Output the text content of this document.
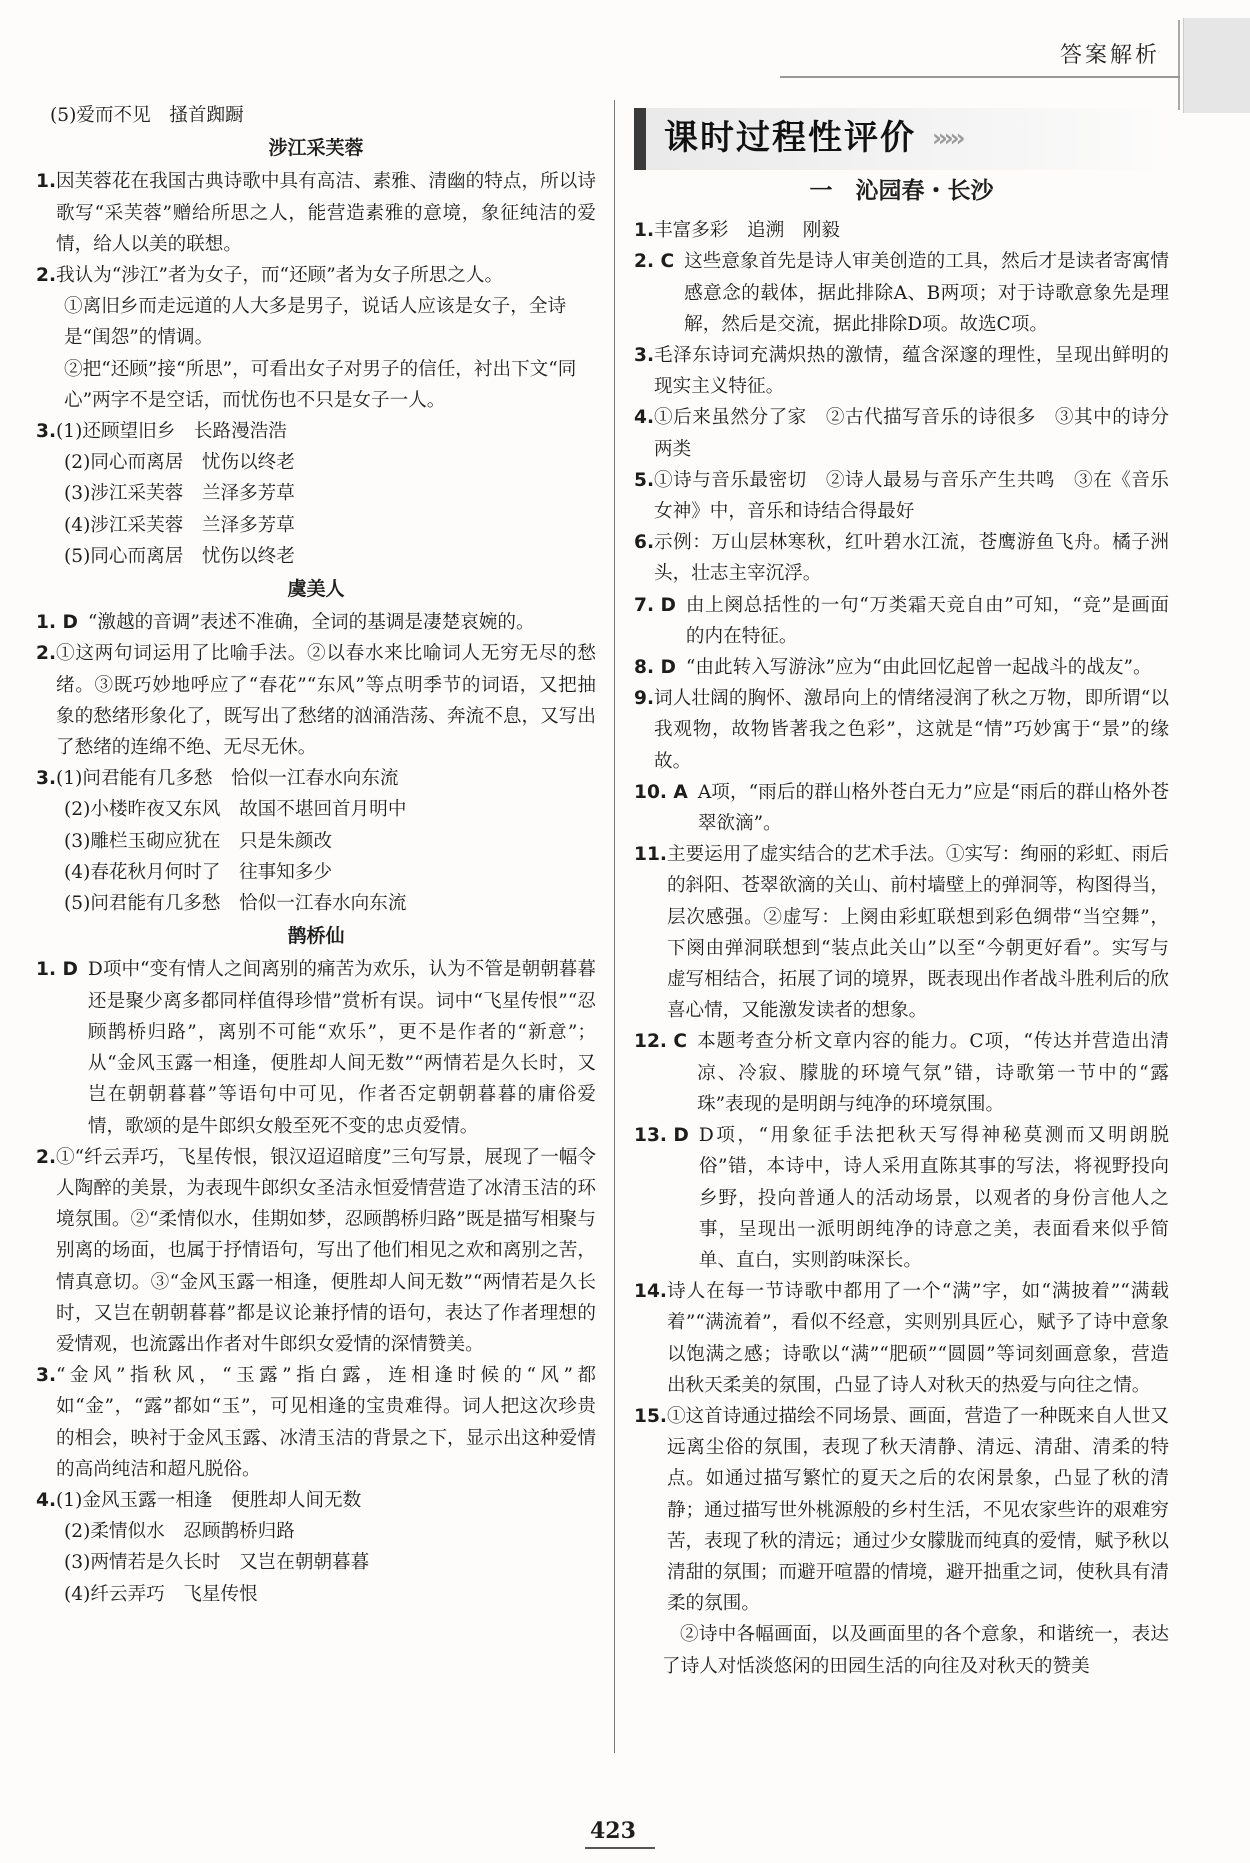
答案解析
(5)爱而不见　搔首踟蹰
涉江采芙蓉
1. 因芙蓉花在我国古典诗歌中具有高洁、素雅、清幽的特点，所以诗歌写“采芙蓉”赠给所思之人，能营造素雅的意境，象征纯洁的爱情，给人以美的联想。
2. 我认为“涉江”者为女子，而“还顾”者为女子所思之人。
①离旧乡而走远道的人大多是男子，说话人应该是女子，全诗是“闺怨”的情调。
②把“还顾”接“所思”，可看出女子对男子的信任，衬出下文“同心”两字不是空话，而忧伤也不只是女子一人。
3. (1)还顾望旧乡　长路漫浩浩
(2)同心而离居　忧伤以终老
(3)涉江采芙蓉　兰泽多芳草
(4)涉江采芙蓉　兰泽多芳草
(5)同心而离居　忧伤以终老
虞美人
1. D “激越的音调”表述不准确，全词的基调是凄楚哀婉的。
2. ①这两句词运用了比喻手法。②以春水来比喻词人无穷无尽的愁绪。③既巧妙地呼应了“春花”“东风”等点明季节的词语，又把抽象的愁绪形象化了，既写出了愁绪的汹涌浩荡、奔流不息，又写出了愁绪的连绵不绝、无尽无休。
3. (1)问君能有几多愁　恰似一江春水向东流
(2)小楼昨夜又东风　故国不堪回首月明中
(3)雕栏玉砌应犹在　只是朱颜改
(4)春花秋月何时了　往事知多少
(5)问君能有几多愁　恰似一江春水向东流
鹊桥仙
1. D D项中“变有情人之间离别的痛苦为欢乐，认为不管是朝朝暮暮还是聚少离多都同样值得珍惜”赏析有误。词中“飞星传恨”“忍顾鹊桥归路”，离别不可能“欢乐”，更不是作者的“新意”；从“金风玉露一相逢，便胜却人间无数”“两情若是久长时，又岂在朝朝暮暮”等语句中可见，作者否定朝朝暮暮的庸俗爱情，歌颂的是牛郎织女般至死不变的忠贞爱情。
2. ①“纤云弄巧，飞星传恨，银汉迢迢暗度”三句写景，展现了一幅令人陶醉的美景，为表现牛郎织女圣洁永恒爱情营造了冰清玉洁的环境氛围。②“柔情似水，佳期如梦，忍顾鹊桥归路”既是描写相聚与别离的场面，也属于抒情语句，写出了他们相见之欢和离别之苦，情真意切。③“金风玉露一相逢，便胜却人间无数”“两情若是久长时，又岂在朝朝暮暮”都是议论兼抒情的语句，表达了作者理想的爱情观，也流露出作者对牛郎织女爱情的深情赞美。
3. “金风”指秋风，“玉露”指白露，连相逢时候的“风”都如“金”，“露”都如“玉”，可见相逢的宝贵难得。词人把这次珍贵的相会，映衬于金风玉露、冰清玉洁的背景之下，显示出这种爱情的高尚纯洁和超凡脱俗。
4. (1)金风玉露一相逢　便胜却人间无数
(2)柔情似水　忍顾鹊桥归路
(3)两情若是久长时　又岂在朝朝暮暮
(4)纤云弄巧　飞星传恨
课时过程性评价 ›››››
一　沁园春・长沙
1. 丰富多彩　追溯　刚毅
2. C 这些意象首先是诗人审美创造的工具，然后才是读者寄寓情感意念的载体，据此排除A、B两项；对于诗歌意象先是理解，然后是交流，据此排除D项。故选C项。
3. 毛泽东诗词充满炽热的激情，蕴含深邃的理性，呈现出鲜明的现实主义特征。
4. ①后来虽然分了家　②古代描写音乐的诗很多　③其中的诗分两类
5. ①诗与音乐最密切　②诗人最易与音乐产生共鸣　③在《音乐女神》中，音乐和诗结合得最好
6. 示例：万山层林寒秋，红叶碧水江流，苍鹰游鱼飞舟。橘子洲头，壮志主宰沉浮。
7. D 由上阕总括性的一句“万类霜天竞自由”可知，“竞”是画面的内在特征。
8. D “由此转入写游泳”应为“由此回忆起曾一起战斗的战友”。
9. 词人壮阔的胸怀、激昂向上的情绪浸润了秋之万物，即所谓“以我观物，故物皆著我之色彩”，这就是“情”巧妙寓于“景”的缘故。
10. A A项，“雨后的群山格外苍白无力”应是“雨后的群山格外苍翠欲滴”。
11. 主要运用了虚实结合的艺术手法。①实写：绚丽的彩虹、雨后的斜阳、苍翠欲滴的关山、前村墙壁上的弹洞等，构图得当，层次感强。②虚写：上阕由彩虹联想到彩色绸带“当空舞”，下阕由弹洞联想到“装点此关山”以至“今朝更好看”。实写与虚写相结合，拓展了词的境界，既表现出作者战斗胜利后的欣喜心情，又能激发读者的想象。
12. C 本题考查分析文章内容的能力。C项，“传达并营造出清凉、冷寂、朦胧的环境气氛”错，诗歌第一节中的“露珠”表现的是明朗与纯净的环境氛围。
13. D D项，“用象征手法把秋天写得神秘莫测而又明朗脱俗”错，本诗中，诗人采用直陈其事的写法，将视野投向乡野，投向普通人的活动场景，以观者的身份言他人之事，呈现出一派明朗纯净的诗意之美，表面看来似乎简单、直白，实则韵味深长。
14. 诗人在每一节诗歌中都用了一个“满”字，如“满披着”“满载着”“满流着”，看似不经意，实则别具匠心，赋予了诗中意象以饱满之感；诗歌以“满”“肥硕”“圆圆”等词刻画意象，营造出秋天柔美的氛围，凸显了诗人对秋天的热爱与向往之情。
15. ①这首诗通过描绘不同场景、画面，营造了一种既来自人世又远离尘俗的氛围，表现了秋天清静、清远、清甜、清柔的特点。如通过描写繁忙的夏天之后的农闲景象，凸显了秋的清静；通过描写世外桃源般的乡村生活，不见农家些许的艰难穷苦，表现了秋的清远；通过少女朦胧而纯真的爱情，赋予秋以清甜的氛围；而避开喧嚣的情境，避开拙重之词，使秋具有清柔的氛围。
②诗中各幅画面，以及画面里的各个意象，和谐统一，表达了诗人对恬淡悠闲的田园生活的向往及对秋天的赞美
423
